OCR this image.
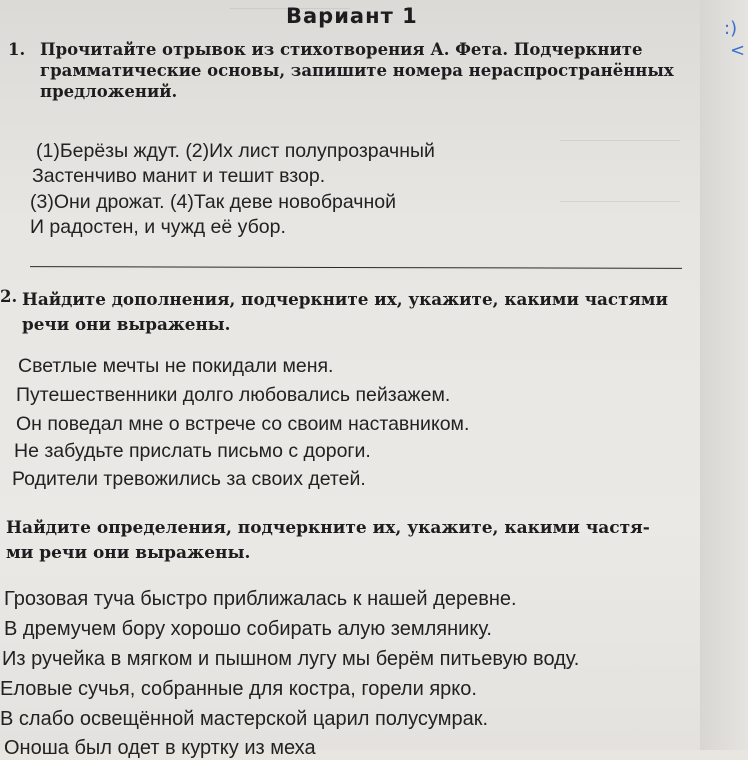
:)
<
Вариант 1
1. Прочитайте отрывок из стихотворения А. Фета. Подчеркните
грамматические основы, запишите номера нераспространённых
предложений.
(1)Берёзы ждут. (2)Их лист полупрозрачный
Застенчиво манит и тешит взор.
(3)Они дрожат. (4)Так деве новобрачной
И радостен, и чужд её убор.
2. Найдите дополнения, подчеркните их, укажите, какими частями
речи они выражены.
Светлые мечты не покидали меня.
Путешественники долго любовались пейзажем.
Он поведал мне о встрече со своим наставником.
Не забудьте прислать письмо с дороги.
Родители тревожились за своих детей.
Найдите определения, подчеркните их, укажите, какими частя-
ми речи они выражены.
Грозовая туча быстро приближалась к нашей деревне.
В дремучем бору хорошо собирать алую землянику.
Из ручейка в мягком и пышном лугу мы берём питьевую воду.
Еловые сучья, собранные для костра, горели ярко.
В слабо освещённой мастерской царил полусумрак.
Оноша был одет в куртку из меха
